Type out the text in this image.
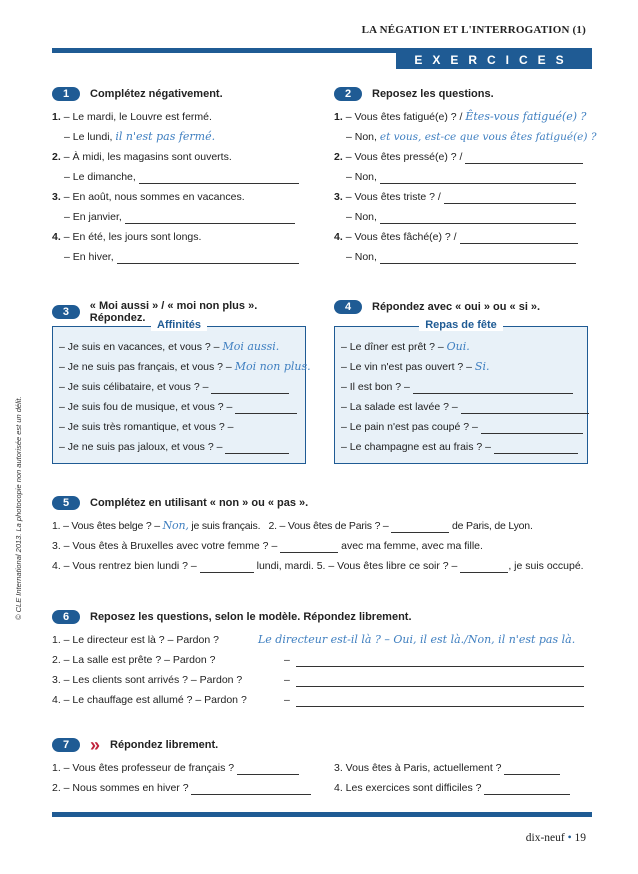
LA NÉGATION ET L'INTERROGATION (1)
EXERCICES
© CLE International 2013. La photocopie non autorisée est un délit.
1	Complétez négativement.
1. – Le mardi, le Louvre est fermé.
– Le lundi, il n'est pas fermé.
2. – À midi, les magasins sont ouverts.
– Le dimanche,
3. – En août, nous sommes en vacances.
– En janvier,
4. – En été, les jours sont longs.
– En hiver,
2	Reposez les questions.
1. – Vous êtes fatigué(e) ? / Êtes-vous fatigué(e) ?
– Non, et vous, est-ce que vous êtes fatigué(e) ?
2. – Vous êtes pressé(e) ? /
– Non,
3. – Vous êtes triste ? /
– Non,
4. – Vous êtes fâché(e) ? /
– Non,
3	« Moi aussi » / « moi non plus ». Répondez.
Affinités
– Je suis en vacances, et vous ? – Moi aussi.
– Je ne suis pas français, et vous ? – Moi non plus.
– Je suis célibataire, et vous ? –
– Je suis fou de musique, et vous ? –
– Je suis très romantique, et vous ? –
– Je ne suis pas jaloux, et vous ? –
4	Répondez avec « oui » ou « si ».
Repas de fête
– Le dîner est prêt ? – Oui.
– Le vin n'est pas ouvert ? – Si.
– Il est bon ? –
– La salade est lavée ? –
– Le pain n'est pas coupé ? –
– Le champagne est au frais ? –
5	Complétez en utilisant « non » ou « pas ».
1. – Vous êtes belge ? – Non, je suis français. 2. – Vous êtes de Paris ? –	de Paris, de Lyon.
3. – Vous êtes à Bruxelles avec votre femme ? –	avec ma femme, avec ma fille.
4. – Vous rentrez bien lundi ? –	lundi, mardi. 5. – Vous êtes libre ce soir ? –	, je suis occupé.
6	Reposez les questions, selon le modèle. Répondez librement.
1. – Le directeur est là ? – Pardon ?	Le directeur est-il là ? – Oui, il est là./Non, il n'est pas là.
2. – La salle est prête ? – Pardon ?	–
3. – Les clients sont arrivés ? – Pardon ?	–
4. – Le chauffage est allumé ? – Pardon ?	–
7	» Répondez librement.
1. – Vous êtes professeur de français ?	3. Vous êtes à Paris, actuellement ?
2. – Nous sommes en hiver ?	4. Les exercices sont difficiles ?
dix-neuf • 19
